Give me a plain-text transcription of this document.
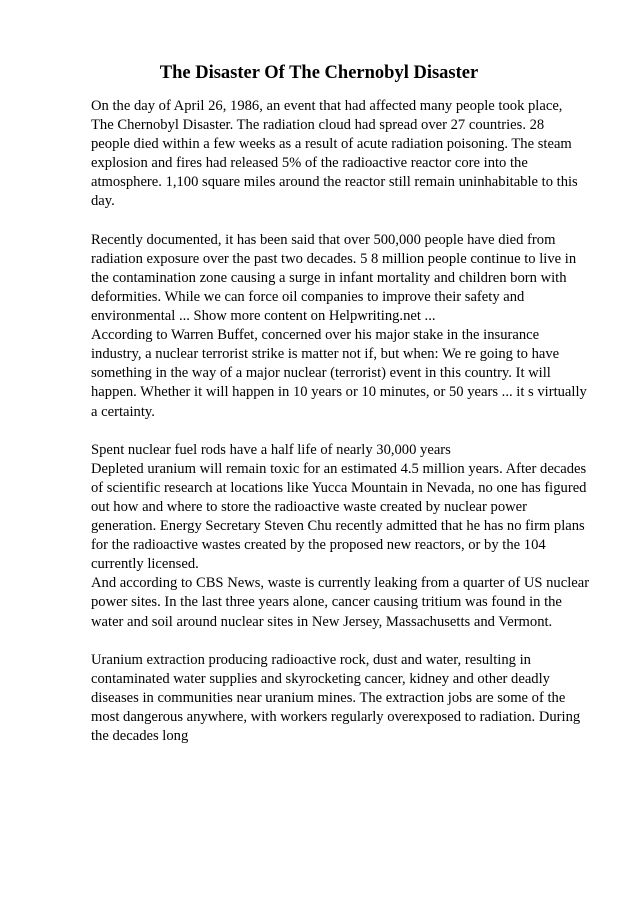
The Disaster Of The Chernobyl Disaster

On the day of April 26, 1986, an event that had affected many people took place,

The Chernobyl Disaster. The radiation cloud had spread over 27 countries. 28

people died within a few weeks as a result of acute radiation poisoning. The steam

explosion and fires had released 5% of the radioactive reactor core into the

atmosphere. 1,100 square miles around the reactor still remain uninhabitable to this

day.

Recently documented, it has been said that over 500,000 people have died from

radiation exposure over the past two decades. 5 8 million people continue to live in

the contamination zone causing a surge in infant mortality and children born with

deformities. While we can force oil companies to improve their safety and

environmental ... Show more content on Helpwriting.net ...

According to Warren Buffet, concerned over his major stake in the insurance

industry, a nuclear terrorist strike is matter not if, but when: We re going to have

something in the way of a major nuclear (terrorist) event in this country. It will

happen. Whether it will happen in 10 years or 10 minutes, or 50 years ... it s virtually

a certainty.

Spent nuclear fuel rods have a half life of nearly 30,000 years

Depleted uranium will remain toxic for an estimated 4.5 million years. After decades

of scientific research at locations like Yucca Mountain in Nevada, no one has figured

out how and where to store the radioactive waste created by nuclear power

generation. Energy Secretary Steven Chu recently admitted that he has no firm plans

for the radioactive wastes created by the proposed new reactors, or by the 104

currently licensed.

And according to CBS News, waste is currently leaking from a quarter of US nuclear

power sites. In the last three years alone, cancer causing tritium was found in the

water and soil around nuclear sites in New Jersey, Massachusetts and Vermont.

Uranium extraction producing radioactive rock, dust and water, resulting in

contaminated water supplies and skyrocketing cancer, kidney and other deadly

diseases in communities near uranium mines. The extraction jobs are some of the

most dangerous anywhere, with workers regularly overexposed to radiation. During

the decades long
